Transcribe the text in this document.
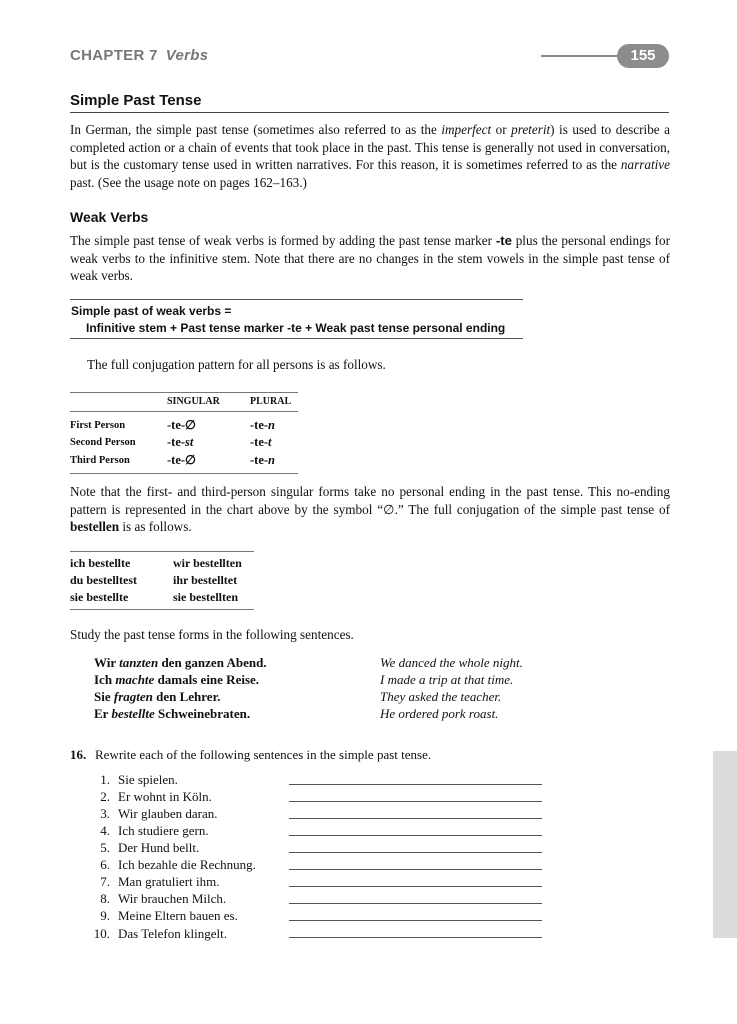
CHAPTER 7 Verbs	155
Simple Past Tense

In German, the simple past tense (sometimes also referred to as the imperfect or preterit) is used to describe a completed action or a chain of events that took place in the past. This tense is generally not used in conversation, but is the customary tense used in written narratives. For this reason, it is sometimes referred to as the narrative past. (See the usage note on pages 162–163.)

Weak Verbs

The simple past tense of weak verbs is formed by adding the past tense marker -te plus the personal endings for weak verbs to the infinitive stem. Note that there are no changes in the stem vowels in the simple past tense of weak verbs.

Simple past of weak verbs =
Infinitive stem + Past tense marker -te + Weak past tense personal ending
The full conjugation pattern for all persons is as follows.
	SINGULAR	PLURAL
First Person	-te-∅	-te-n
Second Person	-te-st	-te-t
Third Person	-te-∅	-te-n

Note that the first- and third-person singular forms take no personal ending in the past tense. This no-ending pattern is represented in the chart above by the symbol “∅.” The full conjugation of the simple past tense of bestellen is as follows.

ich bestellte	wir bestellten
du bestelltest	ihr bestelltet
sie bestellte	sie bestellten
Study the past tense forms in the following sentences.
Wir tanzten den ganzen Abend.	We danced the whole night.
Ich machte damals eine Reise.	I made a trip at that time.
Sie fragten den Lehrer.	They asked the teacher.
Er bestellte Schweinebraten.	He ordered pork roast.
16. Rewrite each of the following sentences in the simple past tense.
1. Sie spielen.
2. Er wohnt in Köln.
3. Wir glauben daran.
4. Ich studiere gern.
5. Der Hund bellt.
6. Ich bezahle die Rechnung.
7. Man gratuliert ihm.
8. Wir brauchen Milch.
9. Meine Eltern bauen es.
10. Das Telefon klingelt.
